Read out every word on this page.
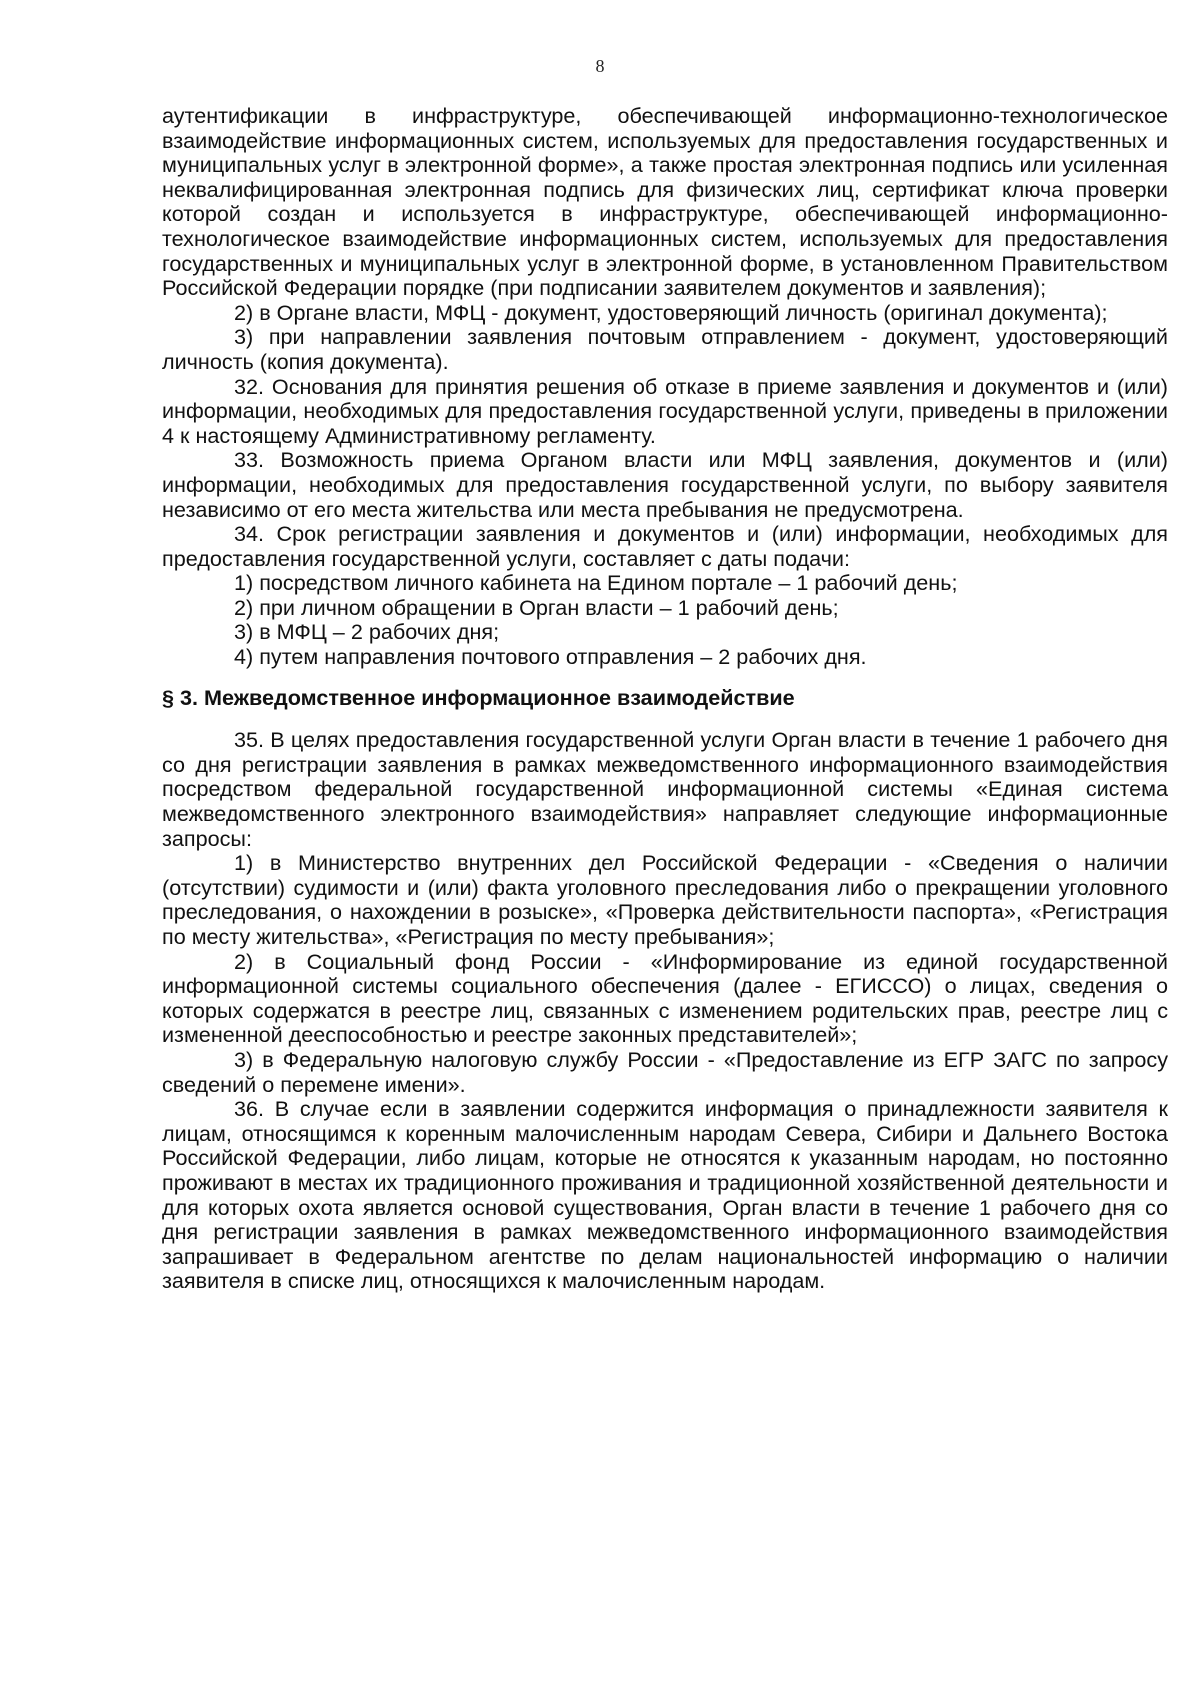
8

аутентификации в инфраструктуре, обеспечивающей информационно-технологическое взаимодействие информационных систем, используемых для предоставления государственных и муниципальных услуг в электронной форме», а также простая электронная подпись или усиленная неквалифицированная электронная подпись для физических лиц, сертификат ключа проверки которой создан и используется в инфраструктуре, обеспечивающей информационно-технологическое взаимодействие информационных систем, используемых для предоставления государственных и муниципальных услуг в электронной форме, в установленном Правительством Российской Федерации порядке (при подписании заявителем документов и заявления);

2) в Органе власти, МФЦ - документ, удостоверяющий личность (оригинал документа);

3) при направлении заявления почтовым отправлением - документ, удостоверяющий личность (копия документа).

32. Основания для принятия решения об отказе в приеме заявления и документов и (или) информации, необходимых для предоставления государственной услуги, приведены в приложении 4 к настоящему Административному регламенту.

33. Возможность приема Органом власти или МФЦ заявления, документов и (или) информации, необходимых для предоставления государственной услуги, по выбору заявителя независимо от его места жительства или места пребывания не предусмотрена.

34. Срок регистрации заявления и документов и (или) информации, необходимых для предоставления государственной услуги, составляет с даты подачи:

1) посредством личного кабинета на Едином портале – 1 рабочий день;

2) при личном обращении в Орган власти – 1 рабочий день;

3) в МФЦ – 2 рабочих дня;

4) путем направления почтового отправления – 2 рабочих дня.

§ 3. Межведомственное информационное взаимодействие

35. В целях предоставления государственной услуги Орган власти в течение 1 рабочего дня со дня регистрации заявления в рамках межведомственного информационного взаимодействия посредством федеральной государственной информационной системы «Единая система межведомственного электронного взаимодействия» направляет следующие информационные запросы:

1) в Министерство внутренних дел Российской Федерации - «Сведения о наличии (отсутствии) судимости и (или) факта уголовного преследования либо о прекращении уголовного преследования, о нахождении в розыске», «Проверка действительности паспорта», «Регистрация по месту жительства», «Регистрация по месту пребывания»;

2) в Социальный фонд России - «Информирование из единой государственной информационной системы социального обеспечения (далее - ЕГИССО) о лицах, сведения о которых содержатся в реестре лиц, связанных с изменением родительских прав, реестре лиц с измененной дееспособностью и реестре законных представителей»;

3) в Федеральную налоговую службу России - «Предоставление из ЕГР ЗАГС по запросу сведений о перемене имени».

36. В случае если в заявлении содержится информация о принадлежности заявителя к лицам, относящимся к коренным малочисленным народам Севера, Сибири и Дальнего Востока Российской Федерации, либо лицам, которые не относятся к указанным народам, но постоянно проживают в местах их традиционного проживания и традиционной хозяйственной деятельности и для которых охота является основой существования, Орган власти в течение 1 рабочего дня со дня регистрации заявления в рамках межведомственного информационного взаимодействия запрашивает в Федеральном агентстве по делам национальностей информацию о наличии заявителя в списке лиц, относящихся к малочисленным народам.
